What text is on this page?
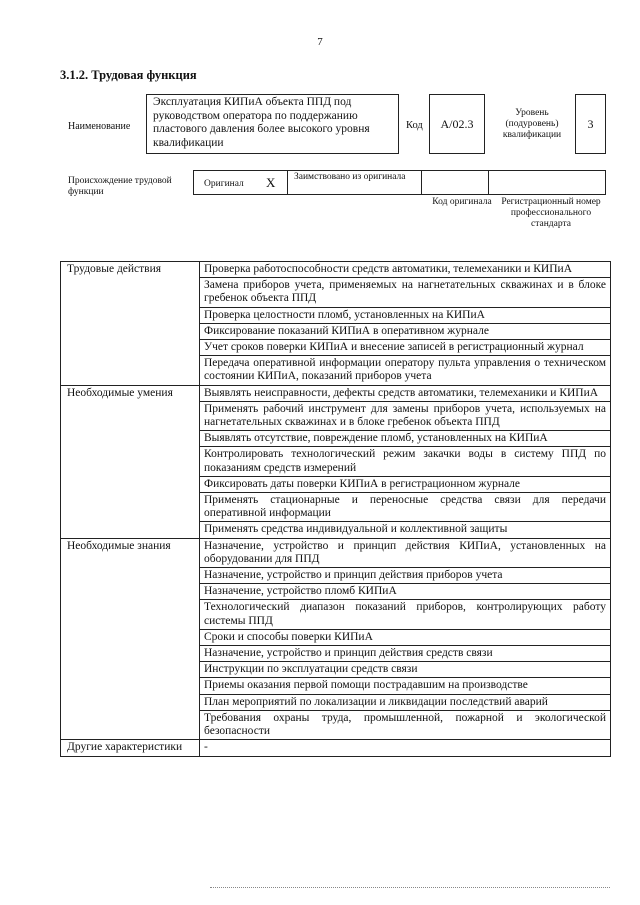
7
3.1.2. Трудовая функция
Наименование
Эксплуатация КИПиА объекта ППД под руководством оператора по поддержанию пластового давления более высокого уровня квалификации
Код	A/02.3
Уровень (подуровень) квалификации
3
Происхождение трудовой функции
Оригинал X Заимствовано из оригинала
Код оригинала	Регистрационный номер профессионального стандарта
Трудовые действия	Проверка работоспособности средств автоматики, телемеханики и КИПиА
	Замена приборов учета, применяемых на нагнетательных скважинах и в блоке гребенок объекта ППД
	Проверка целостности пломб, установленных на КИПиА
	Фиксирование показаний КИПиА в оперативном журнале
	Учет сроков поверки КИПиА и внесение записей в регистрационный журнал
	Передача оперативной информации оператору пульта управления о техническом состоянии КИПиА, показаний приборов учета
Необходимые умения	Выявлять неисправности, дефекты средств автоматики, телемеханики и КИПиА
	Применять рабочий инструмент для замены приборов учета, используемых на нагнетательных скважинах и в блоке гребенок объекта ППД
	Выявлять отсутствие, повреждение пломб, установленных на КИПиА
	Контролировать технологический режим закачки воды в систему ППД по показаниям средств измерений
	Фиксировать даты поверки КИПиА в регистрационном журнале
	Применять стационарные и переносные средства связи для передачи оперативной информации
	Применять средства индивидуальной и коллективной защиты
Необходимые знания	Назначение, устройство и принцип действия КИПиА, установленных на оборудовании для ППД
	Назначение, устройство и принцип действия приборов учета
	Назначение, устройство пломб КИПиА
	Технологический диапазон показаний приборов, контролирующих работу системы ППД
	Сроки и способы поверки КИПиА
	Назначение, устройство и принцип действия средств связи
	Инструкции по эксплуатации средств связи
	Приемы оказания первой помощи пострадавшим на производстве
	План мероприятий по локализации и ликвидации последствий аварий
	Требования охраны труда, промышленной, пожарной и экологической безопасности
Другие характеристики	-
